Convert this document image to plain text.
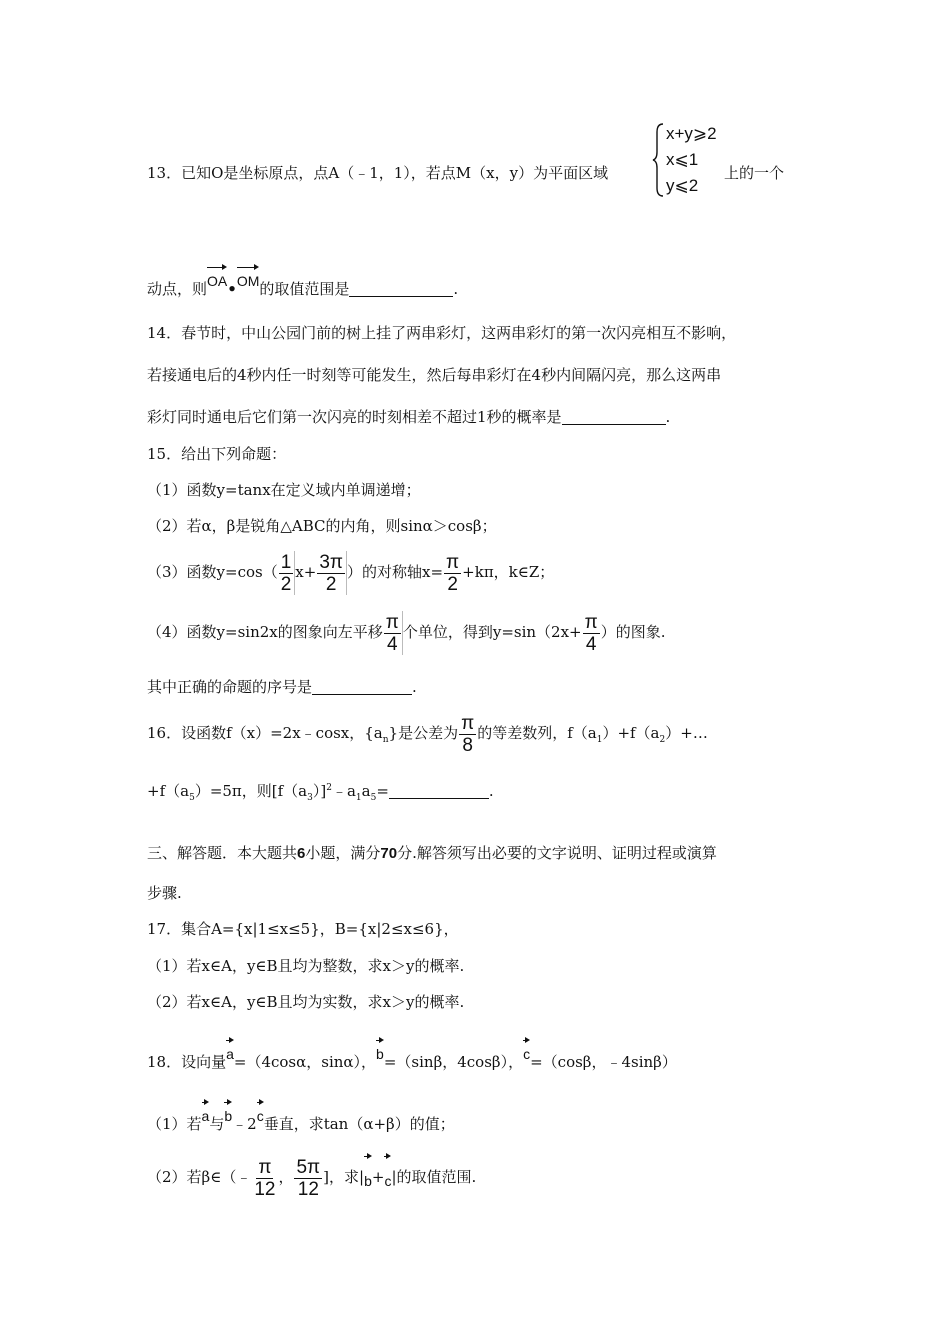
13．已知O是坐标原点，点A（﹣1，1），若点M（x，y）为平面区域
x+y⩾2
x⩽1
y⩽2
上的一个
动点，则OA•OM的取值范围是	.
14．春节时，中山公园门前的树上挂了两串彩灯，这两串彩灯的第一次闪亮相互不影响，
若接通电后的4秒内任一时刻等可能发生，然后每串彩灯在4秒内间隔闪亮，那么这两串
彩灯同时通电后它们第一次闪亮的时刻相差不超过1秒的概率是	.
15．给出下列命题：
（1）函数y=tanx在定义域内单调递增；
（2）若α，β是锐角△ABC的内角，则sinα＞cosβ；
（3）函数$y=\cos( \frac{1}{2} x+ \frac{3\pi}{2}$ ）的对称轴$x= \frac{\pi}{2} +k\pi$，k∈Z；
（4）函数y=sin2x的图象向左平移 $\frac{\pi}{4}$ 个单位，得到$y=\sin(2x+ \frac{\pi}{4}$ ）的图象.
其中正确的命题的序号是	.
16．设函数f（x）=2x﹣cosx，$\{a_n\}$是公差为 $\frac{\pi}{8}$ 的等差数列，$f(a_1)+f(a_2)+\dots$
$+f(a_5)=5\pi$，则$[f(a_3)]^2﹣a_1a_5=$	.
三、解答题．本大题共6小题，满分70分.解答须写出必要的文字说明、证明过程或演算
步骤.
17．集合A={x|1≤x≤5}，B={x|2≤x≤6}，
（1）若x∈A，y∈B且均为整数，求x＞y的概率.
（2）若x∈A，y∈B且均为实数，求x＞y的概率.
18．设向量a=（4cosα，sinα），b=（sinβ，4cosβ），c=（cosβ，﹣4sinβ）
（1）若a与b﹣2c垂直，求tan（α+β）的值；
（2）若β∈（﹣ $\frac{\pi}{12}$ ， $\frac{5\pi}{12}$ ]，求|b+c|的取值范围.
